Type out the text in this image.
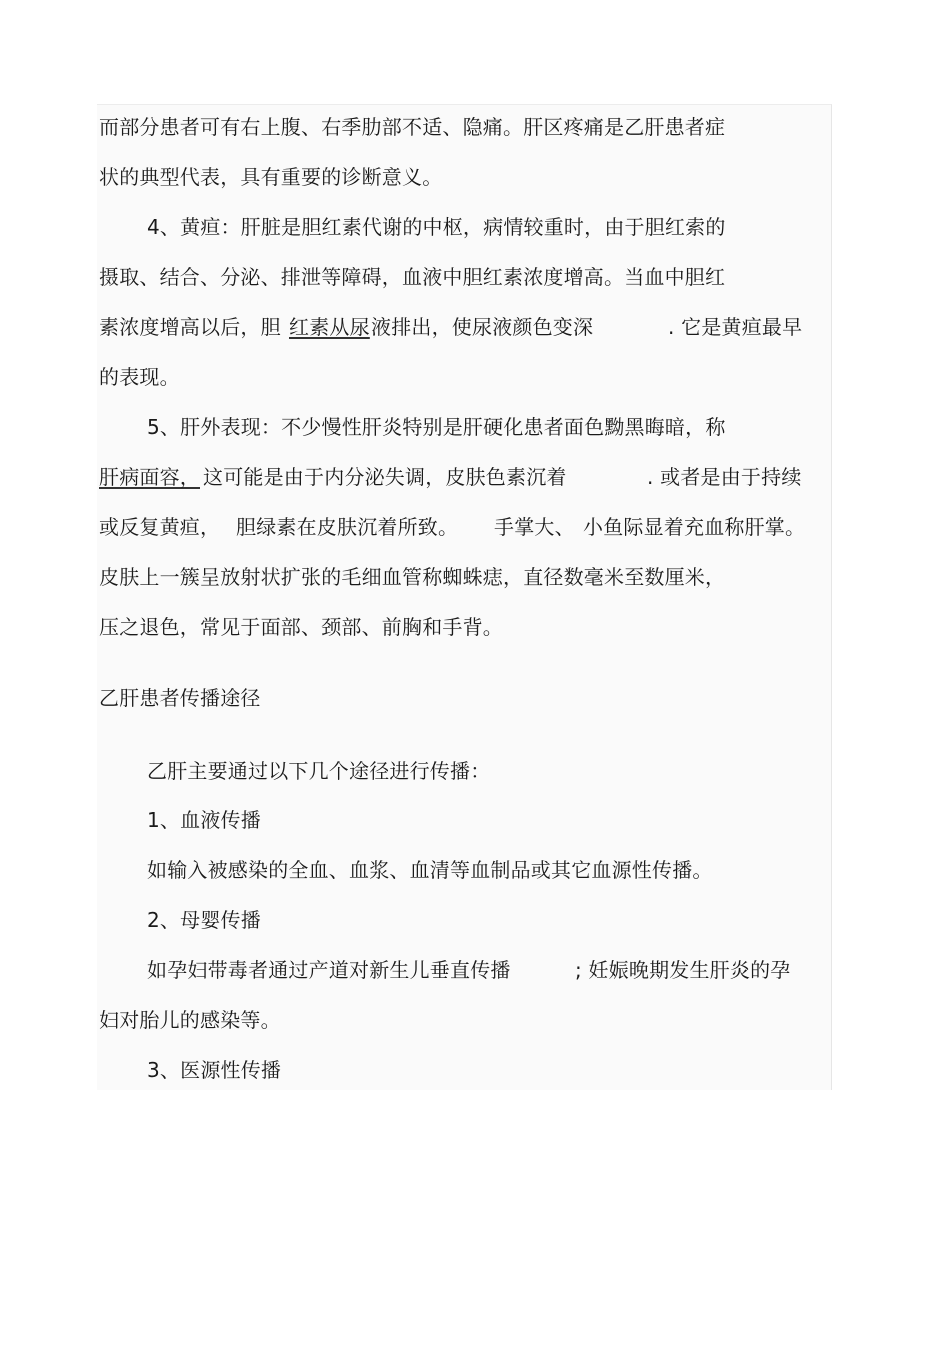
而部分患者可有右上腹、右季肋部不适、隐痛。肝区疼痛是乙肝患者症
状的典型代表，具有重要的诊断意义。
4、黄疸：肝脏是胆红素代谢的中枢，病情较重时，由于胆红索的
摄取、结合、分泌、排泄等障碍，血液中胆红素浓度增高。当血中胆红
素浓度增高以后，胆 红素从尿 液排出，使尿液颜色变深	. 它是黄疸最早
的表现。
5、肝外表现：不少慢性肝炎特别是肝硬化患者面色黝黑晦暗，称
肝病面容， 这可能是由于内分泌失调，皮肤色素沉着	. 或者是由于持续
或反复黄疸， 胆绿素在皮肤沉着所致。 手掌大、 小鱼际显着充血称肝掌。
皮肤上一簇呈放射状扩张的毛细血管称蜘蛛痣，直径数毫米至数厘米，
压之退色，常见于面部、颈部、前胸和手背。
乙肝患者传播途径
乙肝主要通过以下几个途径进行传播：
1、血液传播
如输入被感染的全血、血浆、血清等血制品或其它血源性传播。
2、母婴传播
如孕妇带毒者通过产道对新生儿垂直传播	; 妊娠晚期发生肝炎的孕
妇对胎儿的感染等。
3、医源性传播
